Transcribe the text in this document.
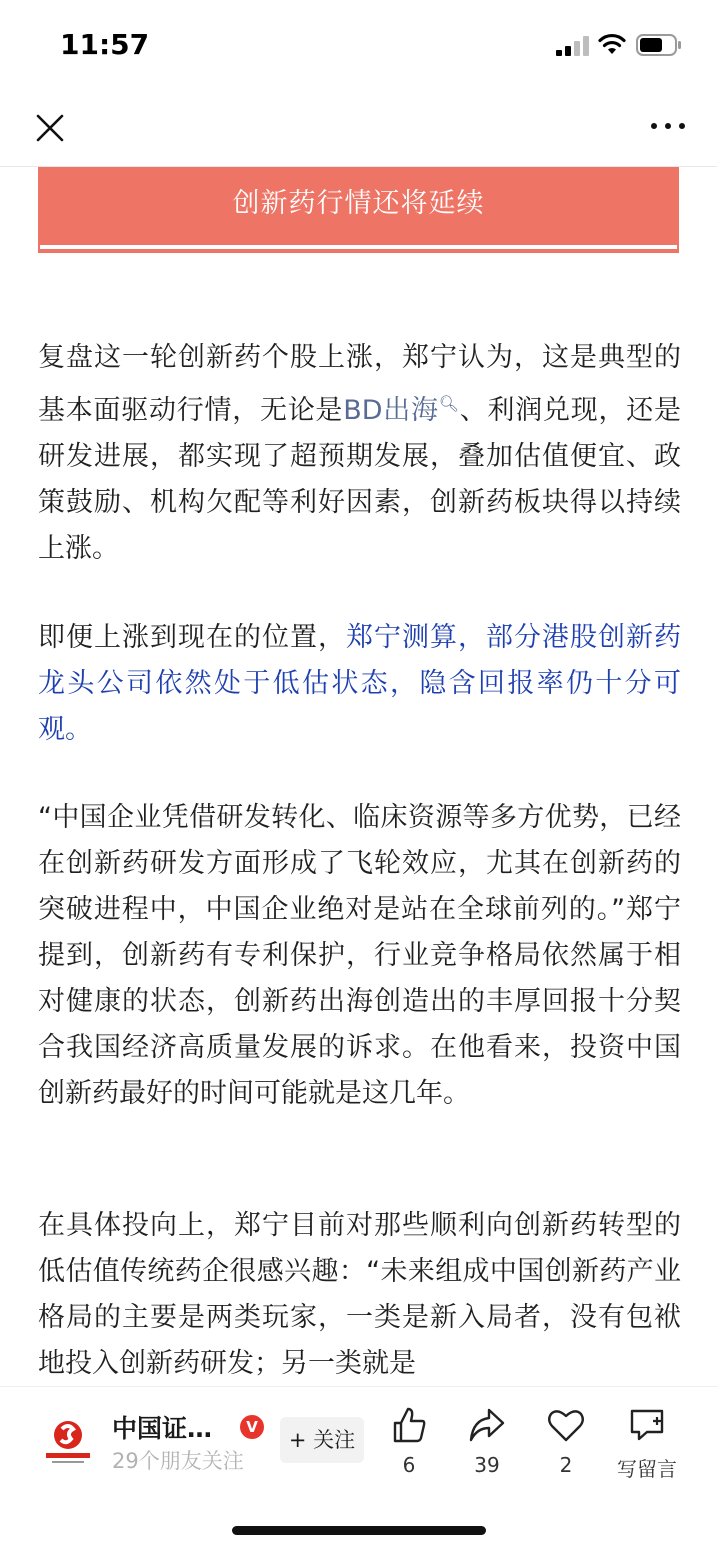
11:57
创新药行情还将延续

复盘这一轮创新药个股上涨，郑宁认为，这是典型的基本面驱动行情，无论是BD出海🔍︎、利润兑现，还是研发进展，都实现了超预期发展，叠加估值便宜、政策鼓励、机构欠配等利好因素，创新药板块得以持续上涨。

即便上涨到现在的位置，郑宁测算，部分港股创新药龙头公司依然处于低估状态，隐含回报率仍十分可观。

“中国企业凭借研发转化、临床资源等多方优势，已经在创新药研发方面形成了飞轮效应，尤其在创新药的突破进程中，中国企业绝对是站在全球前列的。”郑宁提到，创新药有专利保护，行业竞争格局依然属于相对健康的状态，创新药出海创造出的丰厚回报十分契合我国经济高质量发展的诉求。在他看来，投资中国创新药最好的时间可能就是这几年。

在具体投向上，郑宁目前对那些顺利向创新药转型的低估值传统药企很感兴趣：“未来组成中国创新药产业格局的主要是两类玩家，一类是新入局者，没有包袱地投入创新药研发；另一类就是

中国证…	V
29个朋友关注
+ 关注
6	39	2	写留言
